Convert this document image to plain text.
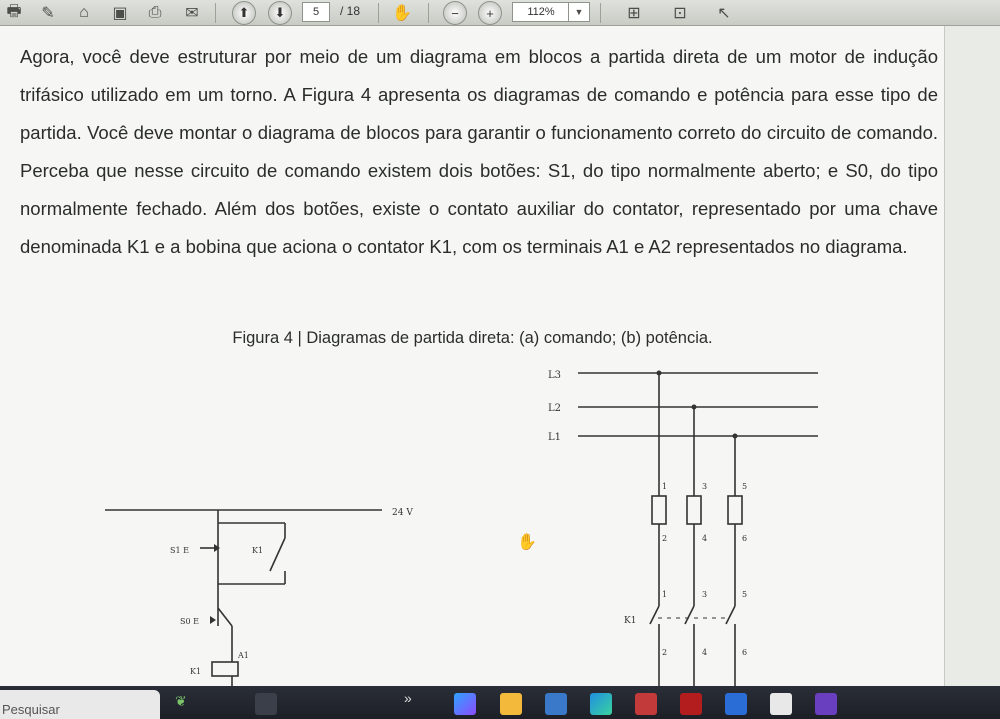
🖶	✎	⌂	▣	⎙	✉	⬆	⬇	5	/ 18 ✋	−	+	112%	▼	⊞	⊡	↖

Agora, você deve estruturar por meio de um diagrama em blocos a partida direta de um motor de indução trifásico utilizado em um torno. A Figura 4 apresenta os diagramas de comando e potência para esse tipo de partida. Você deve montar o diagrama de blocos para garantir o funcionamento correto do circuito de comando. Perceba que nesse circuito de comando existem dois botões: S1, do tipo normalmente aberto; e S0, do tipo normalmente fechado. Além dos botões, existe o contato auxiliar do contator, representado por uma chave denominada K1 e a bobina que aciona o contator K1, com os terminais A1 e A2 representados no diagrama.

Figura 4 | Diagramas de partida direta: (a) comando; (b) potência.
24 V
S1 E	K1
S0 E
A1
K1
L3
L2
L1
1	3	5
2	4	6
1	3	5
K1
2	4	6
✋
Pesquisar
❦	»
